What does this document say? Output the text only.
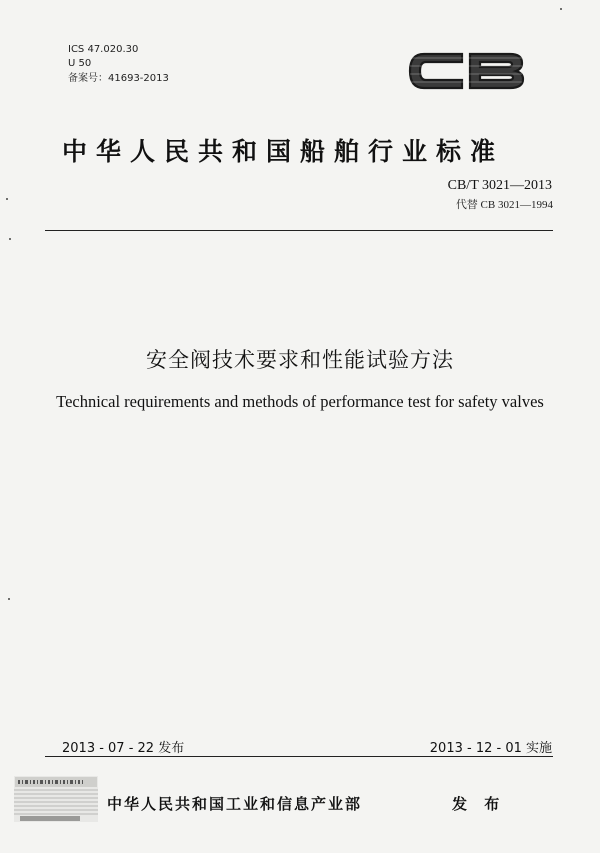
ICS 47.020.30
U 50
备案号：41693-2013
中华人民共和国船舶行业标准
CB/T 3021—2013
代替 CB 3021—1994
安全阀技术要求和性能试验方法
Technical requirements and methods of performance test for safety valves
2013 - 07 - 22 发布	2013 - 12 - 01 实施
中华人民共和国工业和信息产业部	发 布
